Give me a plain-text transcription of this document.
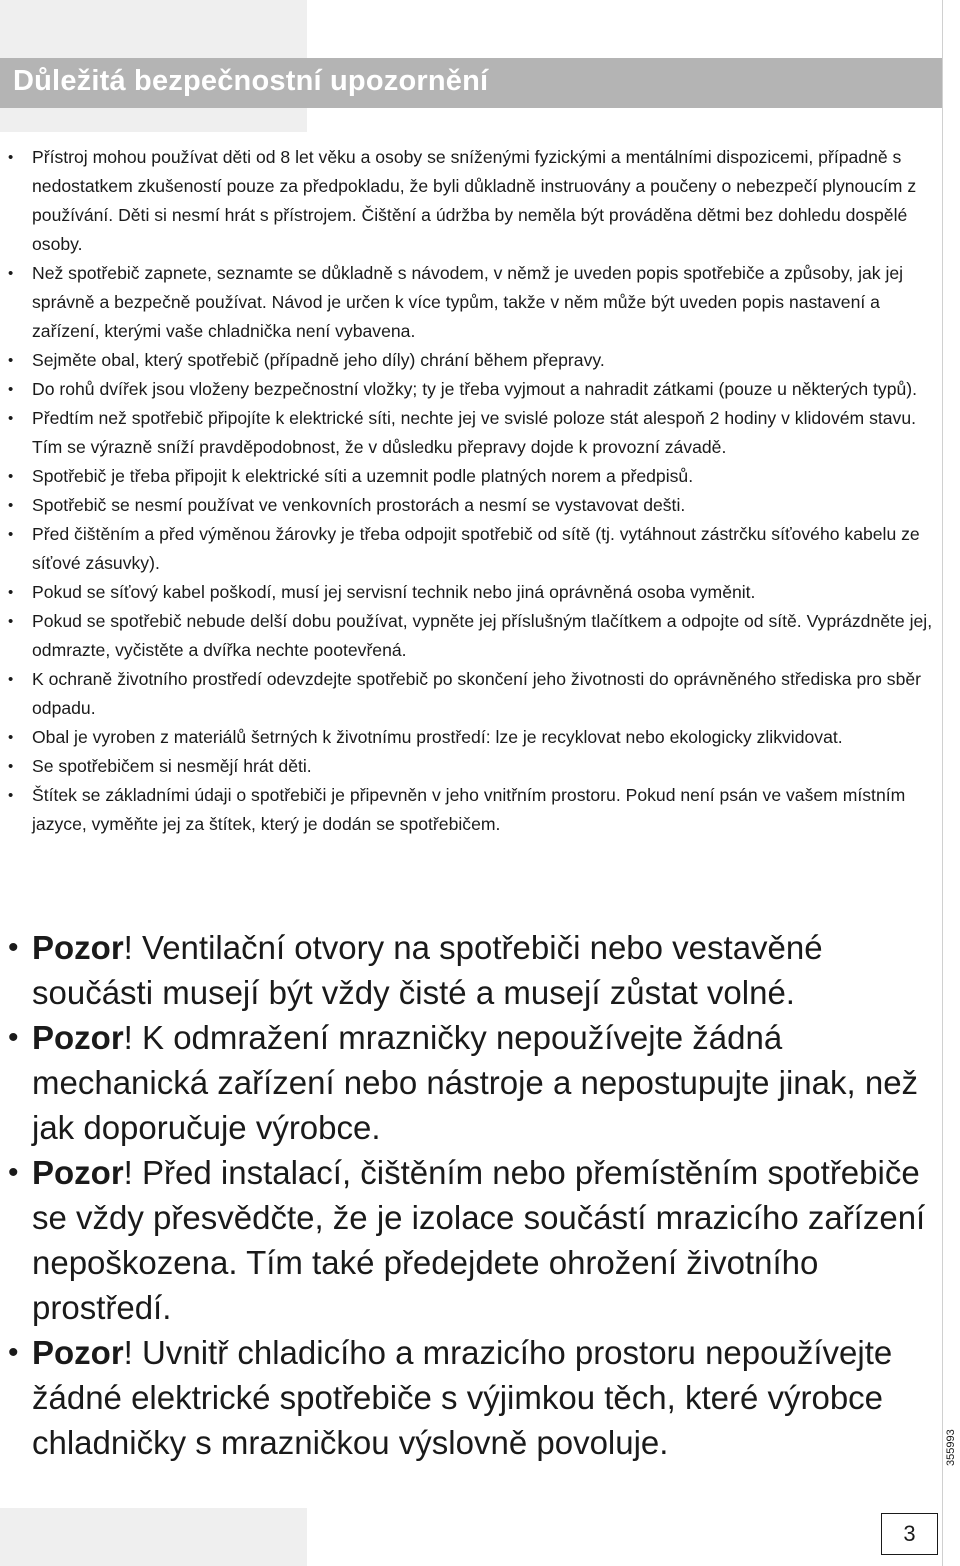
Důležitá bezpečnostní upozornění
• Přístroj mohou používat děti od 8 let věku a osoby se sníženými fyzickými a mentálními dispozicemi, případně s nedostatkem zkušeností pouze za předpokladu, že byli důkladně instruovány a poučeny o nebezpečí plynoucím z používání. Děti si nesmí hrát s přístrojem. Čištění a údržba by neměla být prováděna dětmi bez dohledu dospělé osoby.
• Než spotřebič zapnete, seznamte se důkladně s návodem, v němž je uveden popis spotřebiče a způsoby, jak jej správně a bezpečně používat. Návod je určen k více typům, takže v něm může být uveden popis nastavení a zařízení, kterými vaše chladnička není vybavena.
• Sejměte obal, který spotřebič (případně jeho díly) chrání během přepravy.
• Do rohů dvířek jsou vloženy bezpečnostní vložky; ty je třeba vyjmout a nahradit zátkami (pouze u některých typů).
• Předtím než spotřebič připojíte k elektrické síti, nechte jej ve svislé poloze stát alespoň 2 hodiny v klidovém stavu. Tím se výrazně sníží pravděpodobnost, že v důsledku přepravy dojde k provozní závadě.
• Spotřebič je třeba připojit k elektrické síti a uzemnit podle platných norem a předpisů.
• Spotřebič se nesmí používat ve venkovních prostorách a nesmí se vystavovat dešti.
• Před čištěním a před výměnou žárovky je třeba odpojit spotřebič od sítě (tj. vytáhnout zástrčku síťového kabelu ze síťové zásuvky).
• Pokud se síťový kabel poškodí, musí jej servisní technik nebo jiná oprávněná osoba vyměnit.
• Pokud se spotřebič nebude delší dobu používat, vypněte jej příslušným tlačítkem a odpojte od sítě. Vyprázdněte jej, odmrazte, vyčistěte a dvířka nechte pootevřená.
• K ochraně životního prostředí odevzdejte spotřebič po skončení jeho životnosti do oprávněného střediska pro sběr odpadu.
• Obal je vyroben z materiálů šetrných k životnímu prostředí: lze je recyklovat nebo ekologicky zlikvidovat.
• Se spotřebičem si nesmějí hrát děti.
• Štítek se základními údaji o spotřebiči je připevněn v jeho vnitřním prostoru. Pokud není psán ve vašem místním jazyce, vyměňte jej za štítek, který je dodán se spotřebičem.
• Pozor! Ventilační otvory na spotřebiči nebo vestavěné součásti musejí být vždy čisté a musejí zůstat volné.
• Pozor! K odmražení mrazničky nepoužívejte žádná mechanická zařízení nebo nástroje a nepostupujte jinak, než jak doporučuje výrobce.
• Pozor! Před instalací, čištěním nebo přemístěním spotřebiče se vždy přesvědčte, že je izolace součástí mrazicího zařízení nepoškozena. Tím také předejdete ohrožení životního prostředí.
• Pozor! Uvnitř chladicího a mrazicího prostoru nepoužívejte žádné elektrické spotřebiče s výjimkou těch, které výrobce chladničky s mrazničkou výslovně povoluje.
3
355993
